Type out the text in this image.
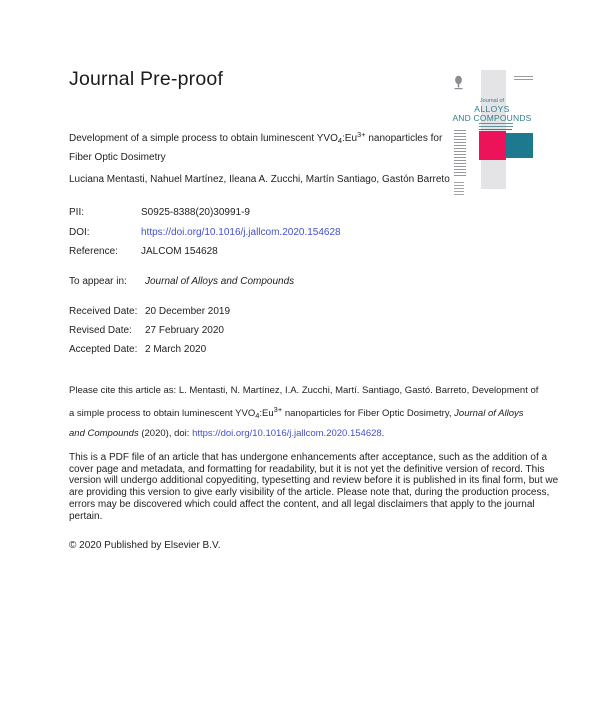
Journal Pre-proof
Journal of
ALLOYS
AND COMPOUNDS
Development of a simple process to obtain luminescent $YVO_4:Eu^{3+}$ nanoparticles for Fiber Optic Dosimetry
Luciana Mentasti, Nahuel Martínez, Ileana A. Zucchi, Martín Santiago, Gastón Barreto
PII:	S0925-8388(20)30991-9
DOI:	https://doi.org/10.1016/j.jallcom.2020.154628
Reference: JALCOM 154628
To appear in: Journal of Alloys and Compounds
Received Date: 20 December 2019
Revised Date: 27 February 2020
Accepted Date: 2 March 2020
Please cite this article as: L. Mentasti, N. Martínez, I.A. Zucchi, Martí. Santiago, Gastó. Barreto, Development of a simple process to obtain luminescent $YVO_4:Eu^{3+}$ nanoparticles for Fiber Optic Dosimetry, Journal of Alloys and Compounds (2020), doi: https://doi.org/10.1016/j.jallcom.2020.154628.
This is a PDF file of an article that has undergone enhancements after acceptance, such as the addition of a cover page and metadata, and formatting for readability, but it is not yet the definitive version of record. This version will undergo additional copyediting, typesetting and review before it is published in its final form, but we are providing this version to give early visibility of the article. Please note that, during the production process, errors may be discovered which could affect the content, and all legal disclaimers that apply to the journal pertain.
© 2020 Published by Elsevier B.V.
